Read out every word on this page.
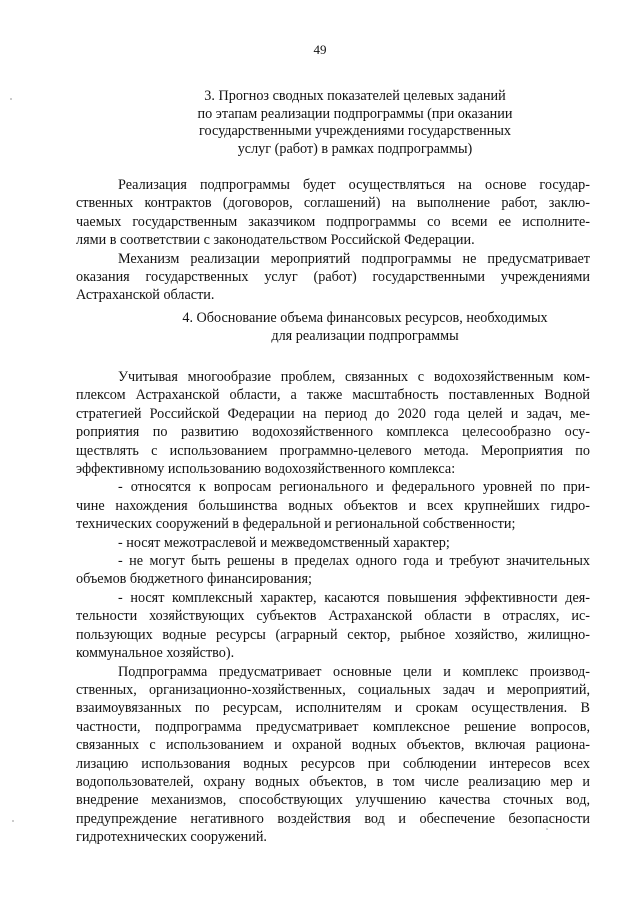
49
3. Прогноз сводных показателей целевых заданий
по этапам реализации подпрограммы (при оказании
государственными учреждениями государственных
услуг (работ) в рамках подпрограммы)
Реализация подпрограммы будет осуществляться на основе государ-
ственных контрактов (договоров, соглашений) на выполнение работ, заклю-
чаемых государственным заказчиком подпрограммы со всеми ее исполните-
лями в соответствии с законодательством Российской Федерации.
Механизм реализации мероприятий подпрограммы не предусматривает
оказания государственных услуг (работ) государственными учреждениями
Астраханской области.
4. Обоснование объема финансовых ресурсов, необходимых
для реализации подпрограммы
Учитывая многообразие проблем, связанных с водохозяйственным ком-
плексом Астраханской области, а также масштабность поставленных Водной
стратегией Российской Федерации на период до 2020 года целей и задач, ме-
роприятия по развитию водохозяйственного комплекса целесообразно осу-
ществлять с использованием программно-целевого метода. Мероприятия по
эффективному использованию водохозяйственного комплекса:
- относятся к вопросам регионального и федерального уровней по при-
чине нахождения большинства водных объектов и всех крупнейших гидро-
технических сооружений в федеральной и региональной собственности;
- носят межотраслевой и межведомственный характер;
- не могут быть решены в пределах одного года и требуют значительных
объемов бюджетного финансирования;
- носят комплексный характер, касаются повышения эффективности дея-
тельности хозяйствующих субъектов Астраханской области в отраслях, ис-
пользующих водные ресурсы (аграрный сектор, рыбное хозяйство, жилищно-
коммунальное хозяйство).
Подпрограмма предусматривает основные цели и комплекс производ-
ственных, организационно-хозяйственных, социальных задач и мероприятий,
взаимоувязанных по ресурсам, исполнителям и срокам осуществления. В
частности, подпрограмма предусматривает комплексное решение вопросов,
связанных с использованием и охраной водных объектов, включая рациона-
лизацию использования водных ресурсов при соблюдении интересов всех
водопользователей, охрану водных объектов, в том числе реализацию мер и
внедрение механизмов, способствующих улучшению качества сточных вод,
предупреждение негативного воздействия вод и обеспечение безопасности
гидротехнических сооружений.
